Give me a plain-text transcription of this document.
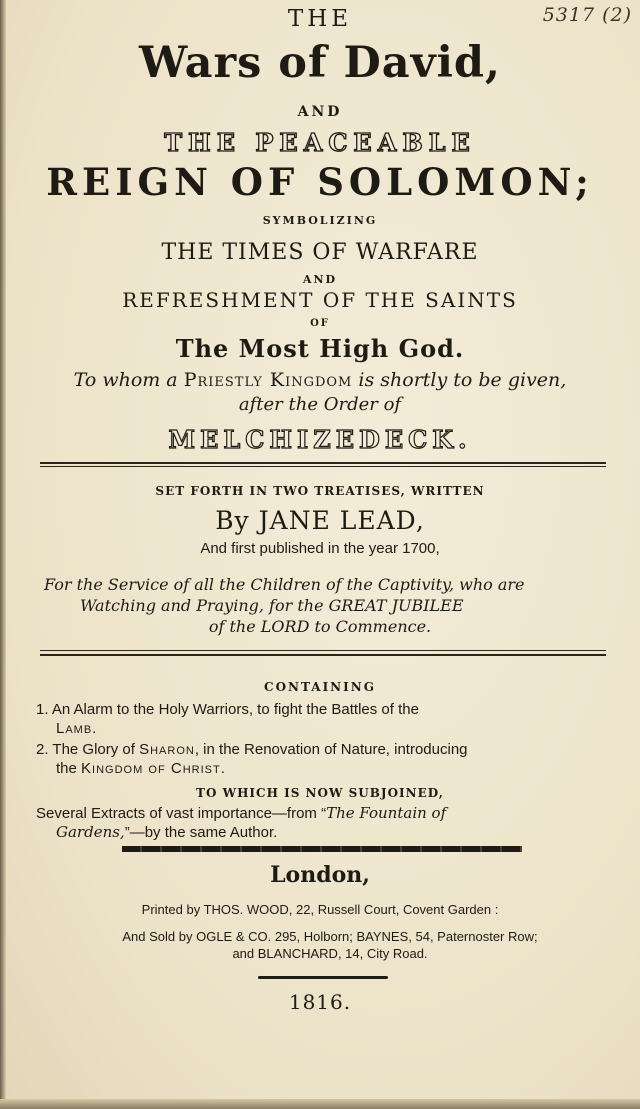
5317 (2)
THE
Wars of David,
AND
THE PEACEABLE
REIGN OF SOLOMON;
SYMBOLIZING
THE TIMES OF WARFARE
AND
REFRESHMENT OF THE SAINTS
OF
The Most High God.
To whom a Priestly Kingdom is shortly to be given,
after the Order of
MELCHIZEDECK.
SET FORTH IN TWO TREATISES, WRITTEN
By JANE LEAD,
And first published in the year 1700,
For the Service of all the Children of the Captivity, who are
Watching and Praying, for the GREAT JUBILEE
of the LORD to Commence.
CONTAINING
1. An Alarm to the Holy Warriors, to fight the Battles of the
Lamb.
2. The Glory of Sharon, in the Renovation of Nature, introducing
the Kingdom of Christ.
TO WHICH IS NOW SUBJOINED,
Several Extracts of vast importance—from “The Fountain of
Gardens,”—by the same Author.
London,
Printed by THOS. WOOD, 22, Russell Court, Covent Garden :
And Sold by OGLE & CO. 295, Holborn; BAYNES, 54, Paternoster Row;
and BLANCHARD, 14, City Road.
1816.
